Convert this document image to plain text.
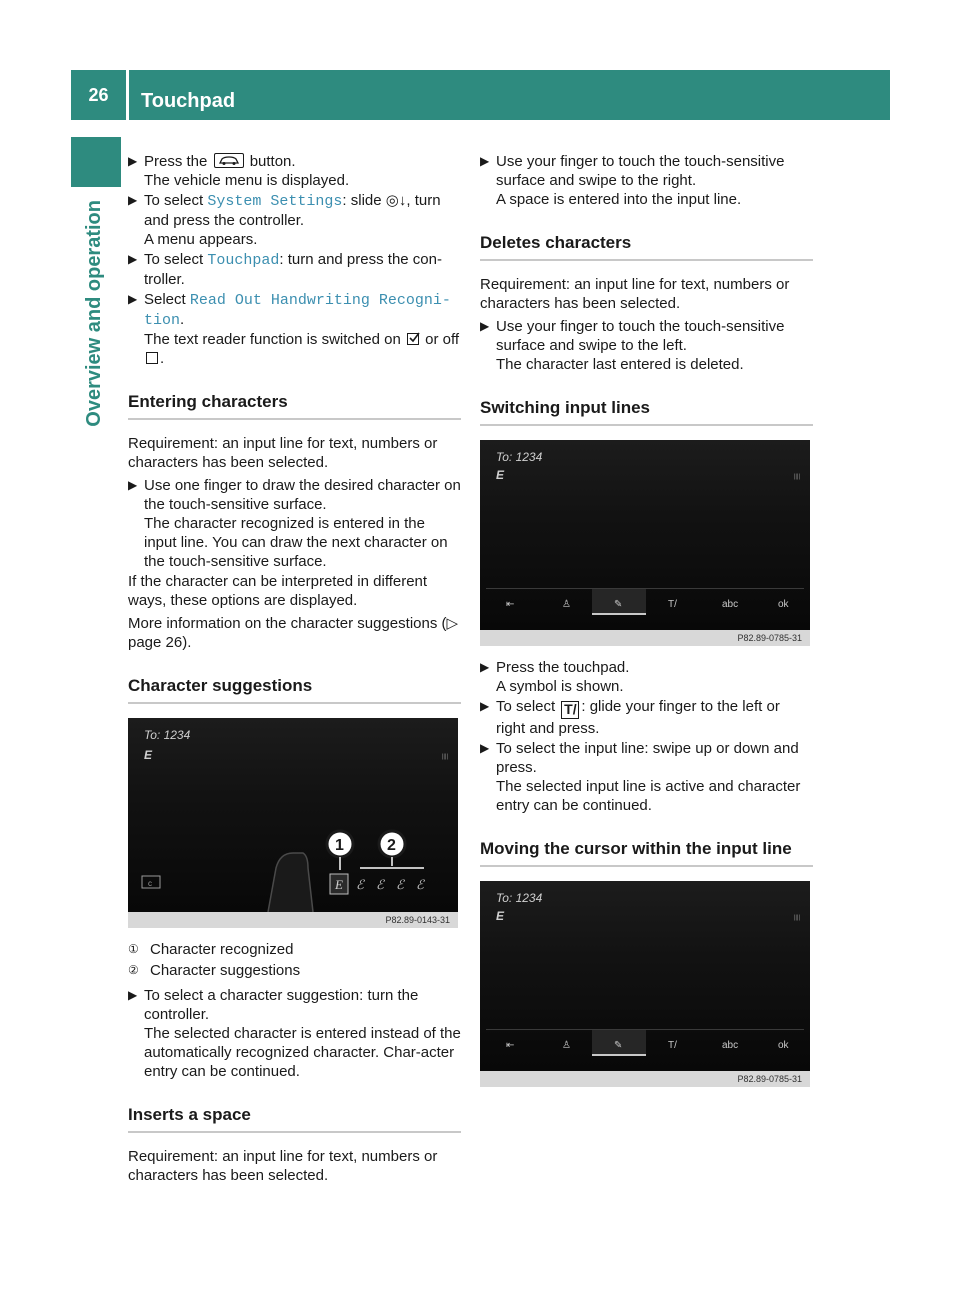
26	Touchpad
Overview and operation
▶ Press the
button.
The vehicle menu is displayed.
▶ To select System Settings: slide ◎↓, turn and press the controller.
A menu appears.
▶ To select Touchpad: turn and press the con-troller.
▶ Select Read Out Handwriting Recogni-tion.
The text reader function is switched on
or off .
Entering characters
Requirement: an input line for text, numbers or characters has been selected.
▶ Use one finger to draw the desired character on the touch-sensitive surface.
The character recognized is entered in the input line. You can draw the next character on the touch-sensitive surface.
If the character can be interpreted in different ways, these options are displayed.
More information on the character suggestions (▷ page 26).
Character suggestions
To: 1234
E	||||
c
1	2
E ℰ ℰ ℰ ℰ
P82.89-0143-31
① Character recognized
② Character suggestions
▶ To select a character suggestion: turn the controller.
The selected character is entered instead of the automatically recognized character. Char-acter entry can be continued.
Inserts a space
Requirement: an input line for text, numbers or characters has been selected.
▶ Use your finger to touch the touch-sensitive surface and swipe to the right.
A space is entered into the input line.
Deletes characters
Requirement: an input line for text, numbers or characters has been selected.
▶ Use your finger to touch the touch-sensitive surface and swipe to the left.
The character last entered is deleted.
Switching input lines
To: 1234
E	||||
⇤	♙	✎	T/	abc	ok
P82.89-0785-31
▶ Press the touchpad.
A symbol is shown.
▶ To select T/ : glide your finger to the left or right and press.
▶ To select the input line: swipe up or down and press.
The selected input line is active and character entry can be continued.
Moving the cursor within the input line
To: 1234
E	||||
⇤	♙	✎	T/	abc	ok
P82.89-0785-31
